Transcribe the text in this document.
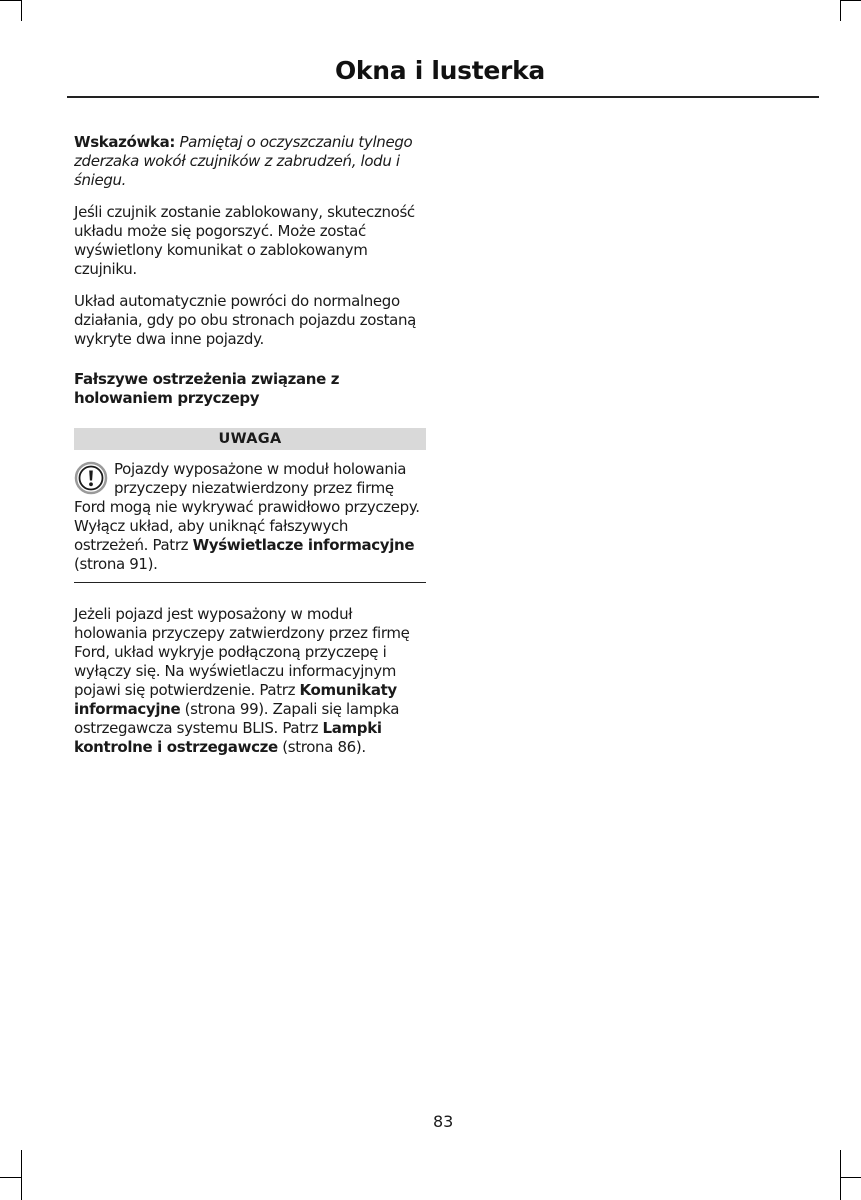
Okna i lusterka

Wskazówka: Pamiętaj o oczyszczaniu tylnego zderzaka wokół czujników z zabrudzeń, lodu i śniegu.

Jeśli czujnik zostanie zablokowany, skuteczność układu może się pogorszyć. Może zostać wyświetlony komunikat o zablokowanym czujniku.

Układ automatycznie powróci do normalnego działania, gdy po obu stronach pojazdu zostaną wykryte dwa inne pojazdy.

Fałszywe ostrzeżenia związane z holowaniem przyczepy

UWAGA

Pojazdy wyposażone w moduł holowania przyczepy niezatwierdzony przez firmę Ford mogą nie wykrywać prawidłowo przyczepy. Wyłącz układ, aby uniknąć fałszywych ostrzeżeń. Patrz Wyświetlacze informacyjne (strona 91).

Jeżeli pojazd jest wyposażony w moduł holowania przyczepy zatwierdzony przez firmę Ford, układ wykryje podłączoną przyczepę i wyłączy się. Na wyświetlaczu informacyjnym pojawi się potwierdzenie. Patrz Komunikaty informacyjne (strona 99). Zapali się lampka ostrzegawcza systemu BLIS. Patrz Lampki kontrolne i ostrzegawcze (strona 86).

83
